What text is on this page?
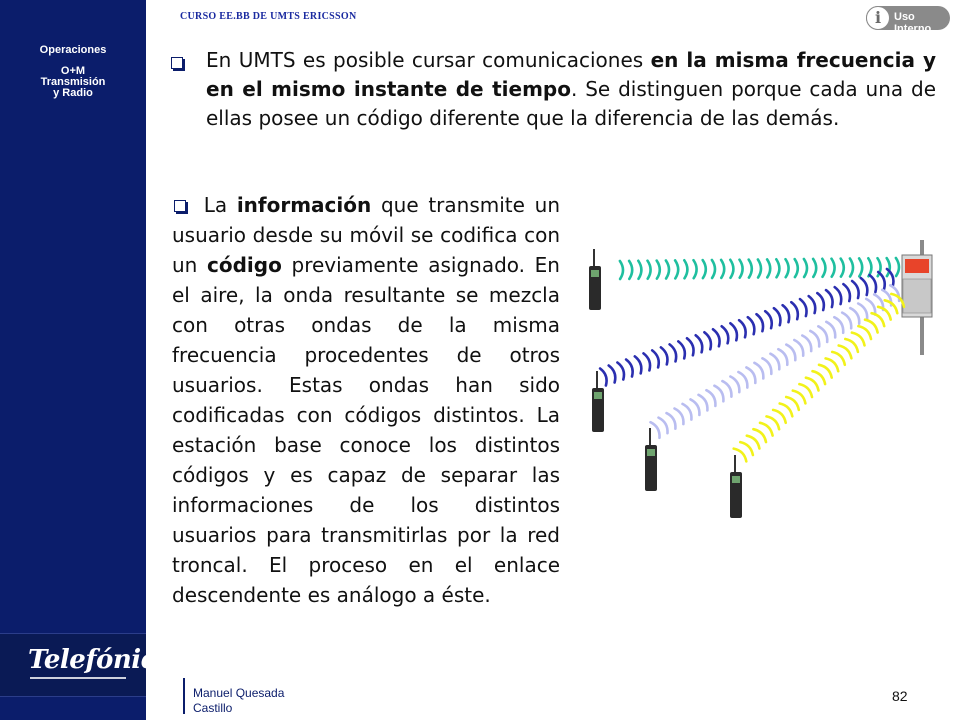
Operaciones
O+M
Transmisión
y Radio
Telefónica
CURSO EE.BB DE UMTS ERICSSON	i	Uso Interno
En UMTS es posible cursar comunicaciones en la misma frecuencia y en el mismo instante de tiempo. Se distinguen porque cada una de ellas posee un código diferente que la diferencia de las demás.
La información que transmite un usuario desde su móvil se codifica con un código previamente asignado. En el aire, la onda resultante se mezcla con otras ondas de la misma frecuencia procedentes de otros usuarios. Estas ondas han sido codificadas con códigos distintos. La estación base conoce los distintos códigos y es capaz de separar las informaciones de los distintos usuarios para transmitirlas por la red troncal. El proceso en el enlace descendente es análogo a éste.
Manuel Quesada
Castillo
82
